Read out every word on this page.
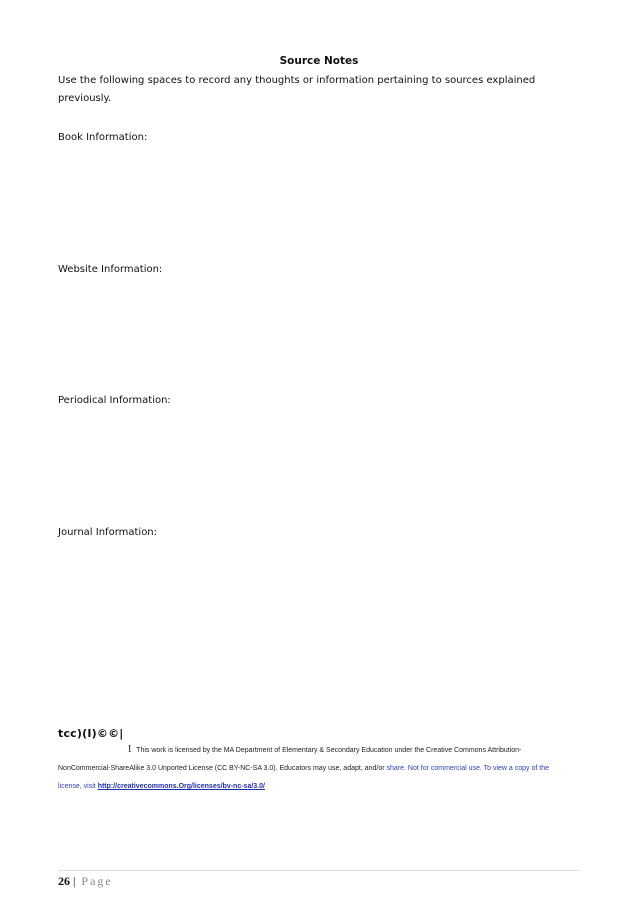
Source Notes
Use the following spaces to record any thoughts or information pertaining to sources explained previously.
Book Information:
Website Information:
Periodical Information:
Journal Information:
tcc)(I)©©|
I This work is licensed by the MA Department of Elementary & Secondary Education under the Creative Commons Attribution-NonCommercial-ShareAlike 3.0 Unported License (CC BY-NC-SA 3.0). Educators may use, adapt, and/or share. Not for commercial use. To view a copy of the license, visit http://creativecommons.Org/licenses/bv-nc-sa/3.0/
26 | Page
